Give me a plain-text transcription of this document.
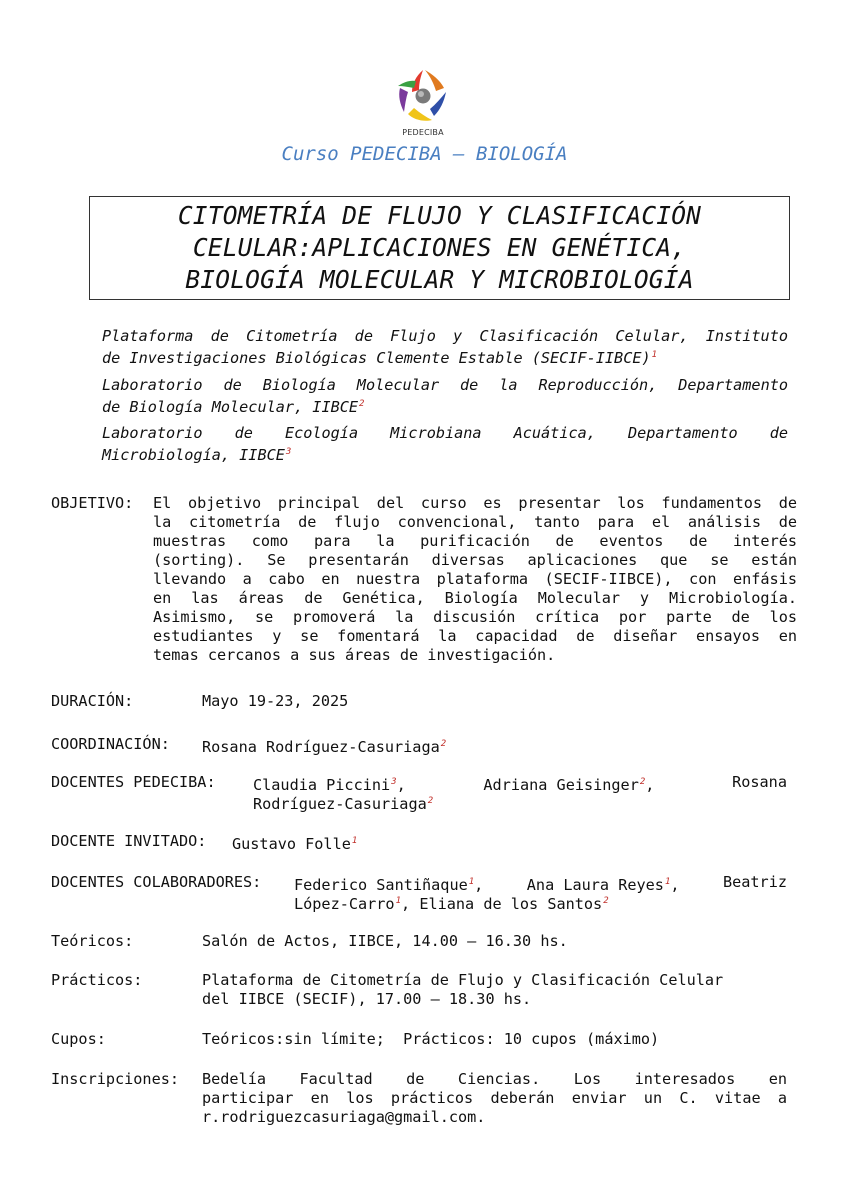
PEDECIBA
Curso PEDECIBA – BIOLOGÍA
CITOMETRÍA DE FLUJO Y CLASIFICACIÓN
CELULAR:APLICACIONES EN GENÉTICA,
BIOLOGÍA MOLECULAR Y MICROBIOLOGÍA
Plataforma de Citometría de Flujo y Clasificación Celular, Instituto
de Investigaciones Biológicas Clemente Estable (SECIF-IIBCE)$^1$
Laboratorio de Biología Molecular de la Reproducción, Departamento
de Biología Molecular, IIBCE$^2$
Laboratorio de Ecología Microbiana Acuática, Departamento de
Microbiología, IIBCE$^3$
OBJETIVO: El objetivo principal del curso es presentar los fundamentos de
la citometría de flujo convencional, tanto para el análisis de
muestras como para la purificación de eventos de interés
(sorting). Se presentarán diversas aplicaciones que se están
llevando a cabo en nuestra plataforma (SECIF-IIBCE), con enfásis
en las áreas de Genética, Biología Molecular y Microbiología.
Asimismo, se promoverá la discusión crítica por parte de los
estudiantes y se fomentará la capacidad de diseñar ensayos en
temas cercanos a sus áreas de investigación.
DURACIÓN:	Mayo 19-23, 2025
COORDINACIÓN: Rosana Rodríguez-Casuriaga$^2$
DOCENTES PEDECIBA: Claudia Piccini$^3$,	Adriana Geisinger$^2$,	Rosana
Rodríguez-Casuriaga$^2$
DOCENTE INVITADO: Gustavo Folle$^1$
DOCENTES COLABORADORES: Federico Santiñaque$^1$,	Ana Laura Reyes$^1$,	Beatriz
López-Carro$^1$, Eliana de los Santos$^2$
Teóricos:	Salón de Actos, IIBCE, 14.00 – 16.30 hs.
Prácticos:	Plataforma de Citometría de Flujo y Clasificación Celular
del IIBCE (SECIF), 17.00 – 18.30 hs.
Cupos:	Teóricos:sin límite;  Prácticos: 10 cupos (máximo)
Inscripciones: Bedelía Facultad de Ciencias. Los interesados en
participar en los prácticos deberán enviar un C. vitae a
r.rodriguezcasuriaga@gmail.com.
